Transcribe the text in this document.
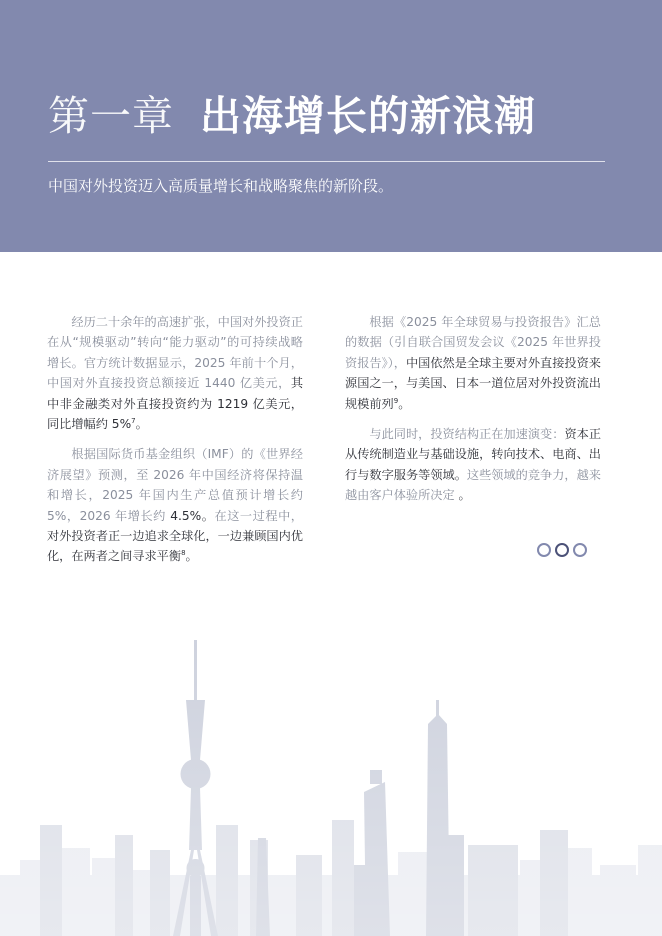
第一章 出海增长的新浪潮

中国对外投资迈入高质量增长和战略聚焦的新阶段。

经历二十余年的高速扩张，中国对外投资正在从“规模驱动”转向“能力驱动”的可持续战略增长。官方统计数据显示，2025 年前十个月，中国对外直接投资总额接近 1440 亿美元，其中非金融类对外直接投资约为 1219 亿美元，同比增幅约 5%$^7$。

根据国际货币基金组织（IMF）的《世界经济展望》预测，至 2026 年中国经济将保持温和增长，2025 年国内生产总值预计增长约 5%，2026 年增长约 4.5%。在这一过程中，对外投资者正一边追求全球化，一边兼顾国内优化，在两者之间寻求平衡$^8$。

根据《2025 年全球贸易与投资报告》汇总的数据（引自联合国贸发会议《2025 年世界投资报告》），中国依然是全球主要对外直接投资来源国之一，与美国、日本一道位居对外投资流出规模前列$^9$。

与此同时，投资结构正在加速演变：资本正从传统制造业与基础设施，转向技术、电商、出行与数字服务等领域。这些领域的竞争力，越来越由客户体验所决定 。
